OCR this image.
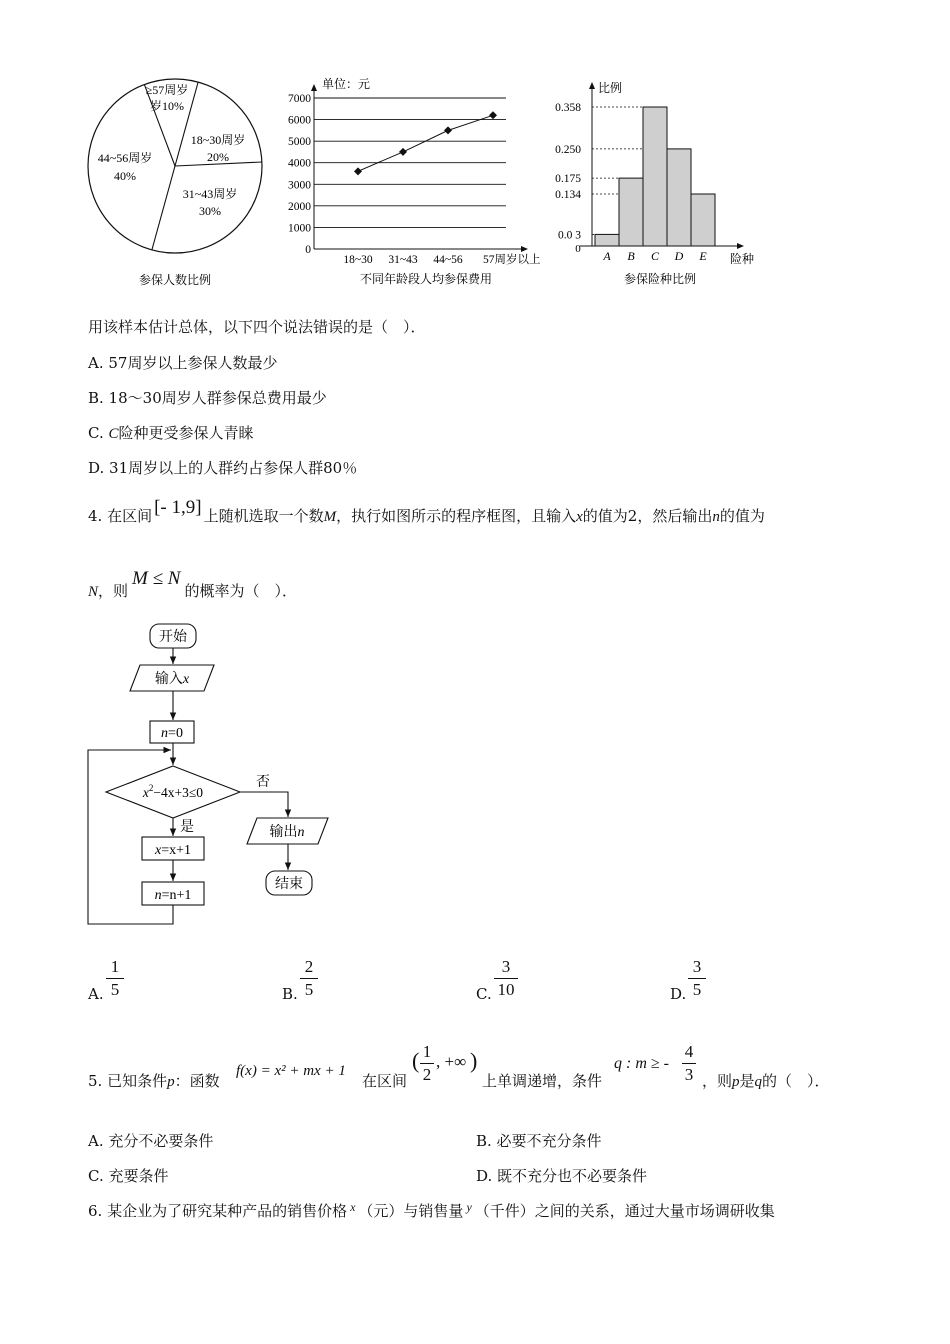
≥57周岁
岁10%
18~30周岁
20%
31~43周岁
30%
44~56周岁
40%
参保人数比例
0
1000
2000
3000
4000
5000
6000
7000
18~30 31~43 44~56 57周岁以上
单位：元
不同年龄段人均参保费用
0.358
0.250
0.175
0.134
0.0 3
A B C D E
比例
险种
0
参保险种比例
用该样本估计总体，以下四个说法错误的是（　）．
A. 57周岁以上参保人数最少
B. 18～30周岁人群参保总费用最少
C. C险种更受参保人青睐
D. 31周岁以上的人群约占参保人群80％
4. 在区间 [- 1,9] 上随机选取一个数M，执行如图所示的程序框图，且输入x的值为2，然后输出n的值为
N，则M ≤ N的概率为（　）．
开始
输入x
n=0
$x^2-4x+3\le 0$
否
是
x=x+1
n=n+1
输出n
结束
A.
1
5	B.
2
5	C.
3
10	D.
3
5
5. 已知条件p：函数
f(x) = x² + mx + 1
在区间
( 1
2
, +∞ )
上单调递增，条件
q : m ≥ -
4
3 ，则p是q的（　）．
A. 充分不必要条件	B. 必要不充分条件
C. 充要条件	D. 既不充分也不必要条件
6. 某企业为了研究某种产品的销售价格 $^x$ （元）与销售量 $^y$ （千件）之间的关系，通过大量市场调研收集
